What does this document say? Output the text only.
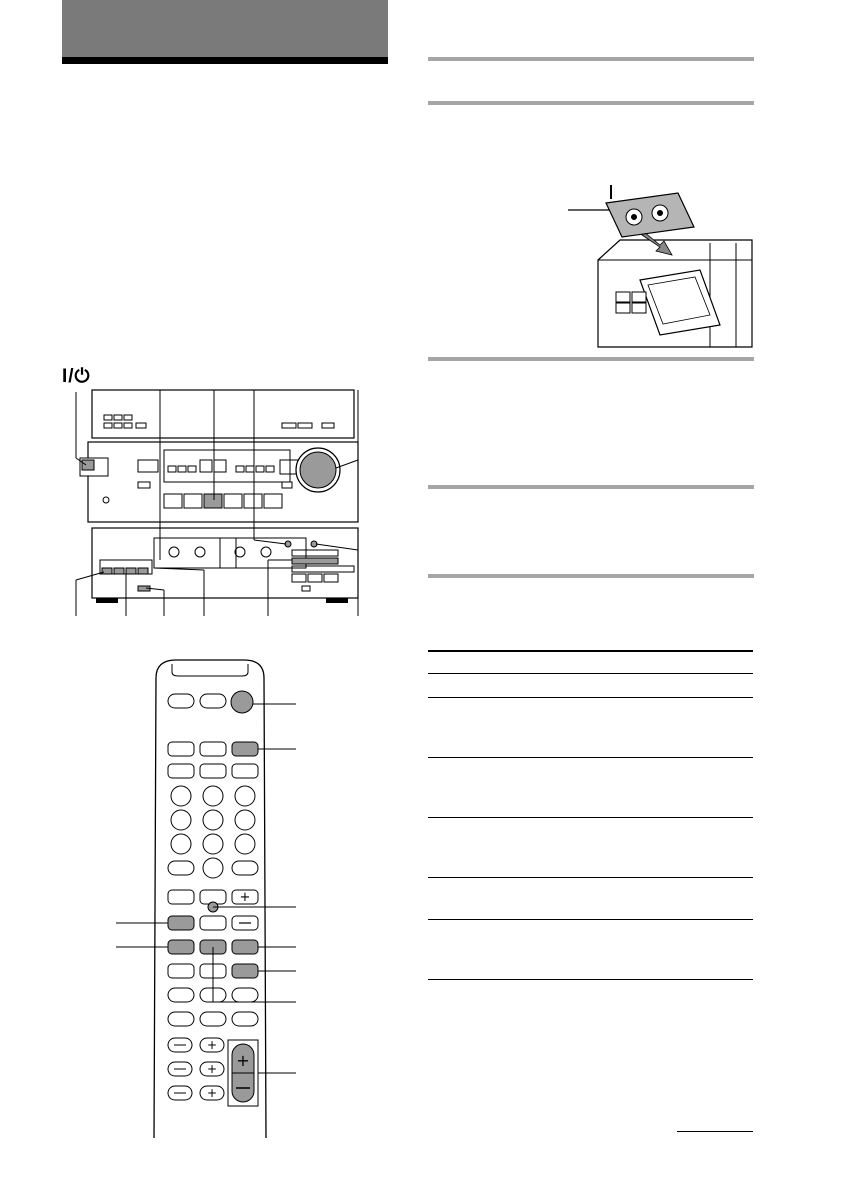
I/⏻
+
+
+
+
+
